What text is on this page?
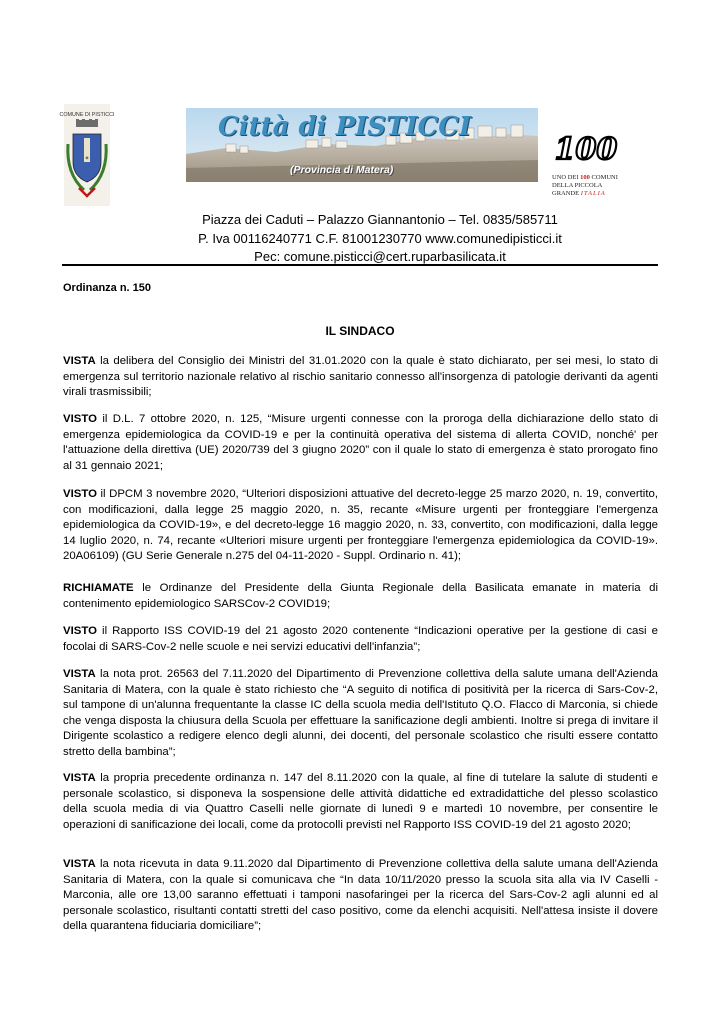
COMUNE DI PISTICCI
✶
Città di PISTICCI
(Provincia di Matera)
100
UNO DEI 100 COMUNI
DELLA PICCOLA
GRANDE ITALIA
Piazza dei Caduti – Palazzo Giannantonio – Tel. 0835/585711
P. Iva 00116240771 C.F. 81001230770 www.comunedipisticci.it
Pec: comune.pisticci@cert.ruparbasilicata.it
Ordinanza n. 150
IL SINDACO
VISTA la delibera del Consiglio dei Ministri del 31.01.2020 con la quale è stato dichiarato, per sei mesi, lo stato di emergenza sul territorio nazionale relativo al rischio sanitario connesso all'insorgenza di patologie derivanti da agenti virali trasmissibili;
VISTO il D.L. 7 ottobre 2020, n. 125, “Misure urgenti connesse con la proroga della dichiarazione dello stato di emergenza epidemiologica da COVID-19 e per la continuità operativa del sistema di allerta COVID, nonché' per l'attuazione della direttiva (UE) 2020/739 del 3 giugno 2020” con il quale lo stato di emergenza è stato prorogato fino al 31 gennaio 2021;
VISTO il DPCM 3 novembre 2020, “Ulteriori disposizioni attuative del decreto-legge 25 marzo 2020, n. 19, convertito, con modificazioni, dalla legge 25 maggio 2020, n. 35, recante «Misure urgenti per fronteggiare l'emergenza epidemiologica da COVID-19», e del decreto-legge 16 maggio 2020, n. 33, convertito, con modificazioni, dalla legge 14 luglio 2020, n. 74, recante «Ulteriori misure urgenti per fronteggiare l'emergenza epidemiologica da COVID-19». 20A06109) (GU Serie Generale n.275 del 04-11-2020 - Suppl. Ordinario n. 41);
RICHIAMATE le Ordinanze del Presidente della Giunta Regionale della Basilicata emanate in materia di contenimento epidemiologico SARSCov-2 COVID19;
VISTO il Rapporto ISS COVID-19 del 21 agosto 2020 contenente “Indicazioni operative per la gestione di casi e focolai di SARS-Cov-2 nelle scuole e nei servizi educativi dell'infanzia”;
VISTA la nota prot. 26563 del 7.11.2020 del Dipartimento di Prevenzione collettiva della salute umana dell'Azienda Sanitaria di Matera, con la quale è stato richiesto che “A seguito di notifica di positività per la ricerca di Sars-Cov-2, sul tampone di un'alunna frequentante la classe IC della scuola media dell'Istituto Q.O. Flacco di Marconia, si chiede che venga disposta la chiusura della Scuola per effettuare la sanificazione degli ambienti. Inoltre si prega di invitare il Dirigente scolastico a redigere elenco degli alunni, dei docenti, del personale scolastico che risulti essere contatto stretto della bambina”;
VISTA la propria precedente ordinanza n. 147 del 8.11.2020 con la quale, al fine di tutelare la salute di studenti e personale scolastico, si disponeva la sospensione delle attività didattiche ed extradidattiche del plesso scolastico della scuola media di via Quattro Caselli nelle giornate di lunedì 9 e martedì 10 novembre, per consentire le operazioni di sanificazione dei locali, come da protocolli previsti nel Rapporto ISS COVID-19 del 21 agosto 2020;
VISTA la nota ricevuta in data 9.11.2020 dal Dipartimento di Prevenzione collettiva della salute umana dell'Azienda Sanitaria di Matera, con la quale si comunicava che “In data 10/11/2020 presso la scuola sita alla via IV Caselli - Marconia, alle ore 13,00 saranno effettuati i tamponi nasofaringei per la ricerca del Sars-Cov-2 agli alunni ed al personale scolastico, risultanti contatti stretti del caso positivo, come da elenchi acquisiti. Nell'attesa insiste il dovere della quarantena fiduciaria domiciliare”;
